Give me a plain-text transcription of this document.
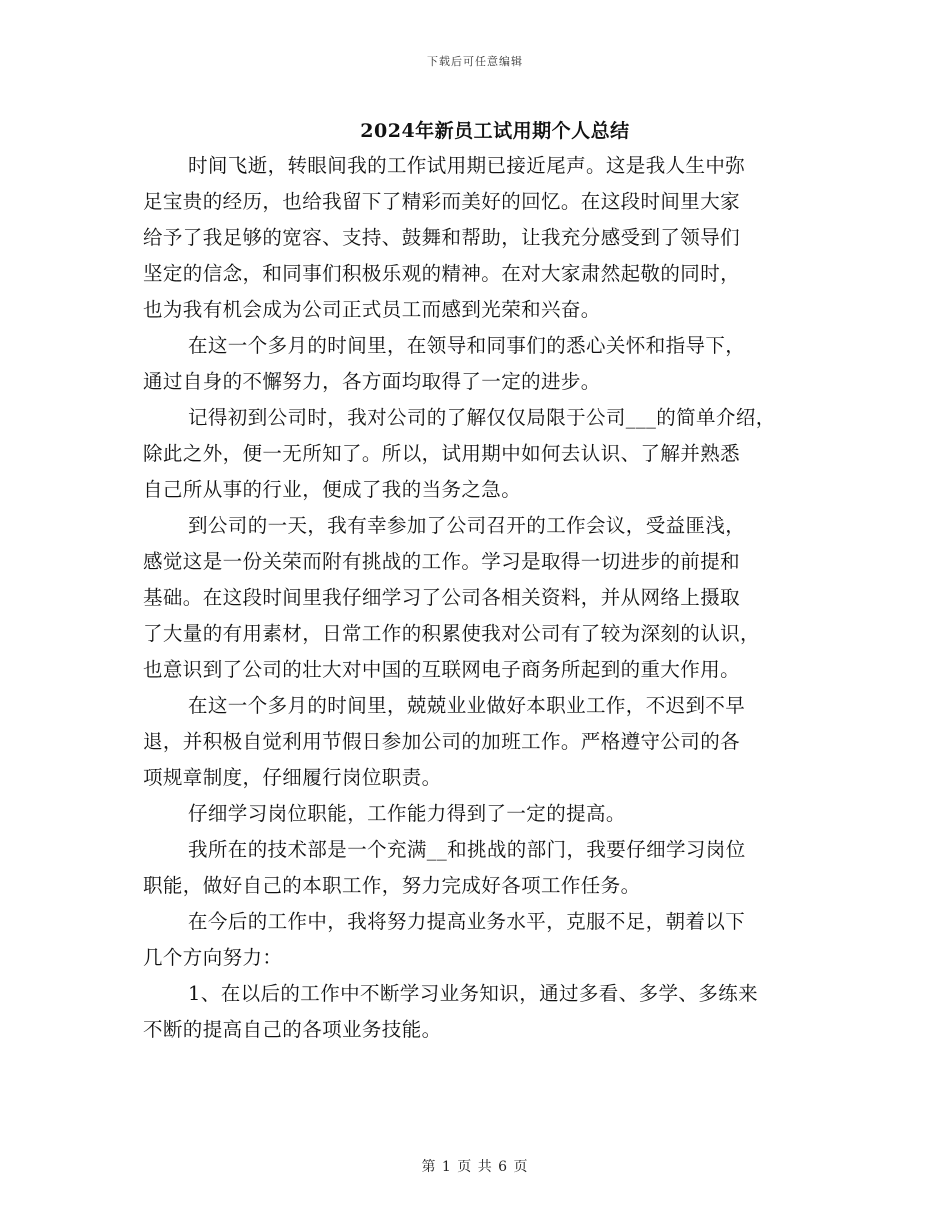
下载后可任意编辑
2024年新员工试用期个人总结
时间飞逝，转眼间我的工作试用期已接近尾声。这是我人生中弥
足宝贵的经历，也给我留下了精彩而美好的回忆。在这段时间里大家
给予了我足够的宽容、支持、鼓舞和帮助，让我充分感受到了领导们
坚定的信念，和同事们积极乐观的精神。在对大家肃然起敬的同时，
也为我有机会成为公司正式员工而感到光荣和兴奋。
在这一个多月的时间里，在领导和同事们的悉心关怀和指导下，
通过自身的不懈努力，各方面均取得了一定的进步。
记得初到公司时，我对公司的了解仅仅局限于公司___的简单介绍，
除此之外，便一无所知了。所以，试用期中如何去认识、了解并熟悉
自己所从事的行业，便成了我的当务之急。
到公司的一天，我有幸参加了公司召开的工作会议，受益匪浅，
感觉这是一份关荣而附有挑战的工作。学习是取得一切进步的前提和
基础。在这段时间里我仔细学习了公司各相关资料，并从网络上摄取
了大量的有用素材，日常工作的积累使我对公司有了较为深刻的认识，
也意识到了公司的壮大对中国的互联网电子商务所起到的重大作用。
在这一个多月的时间里，兢兢业业做好本职业工作，不迟到不早
退，并积极自觉利用节假日参加公司的加班工作。严格遵守公司的各
项规章制度，仔细履行岗位职责。
仔细学习岗位职能，工作能力得到了一定的提高。
我所在的技术部是一个充满__和挑战的部门，我要仔细学习岗位
职能，做好自己的本职工作，努力完成好各项工作任务。
在今后的工作中，我将努力提高业务水平，克服不足，朝着以下
几个方向努力：
1、在以后的工作中不断学习业务知识，通过多看、多学、多练来
不断的提高自己的各项业务技能。
第 1 页 共 6 页
